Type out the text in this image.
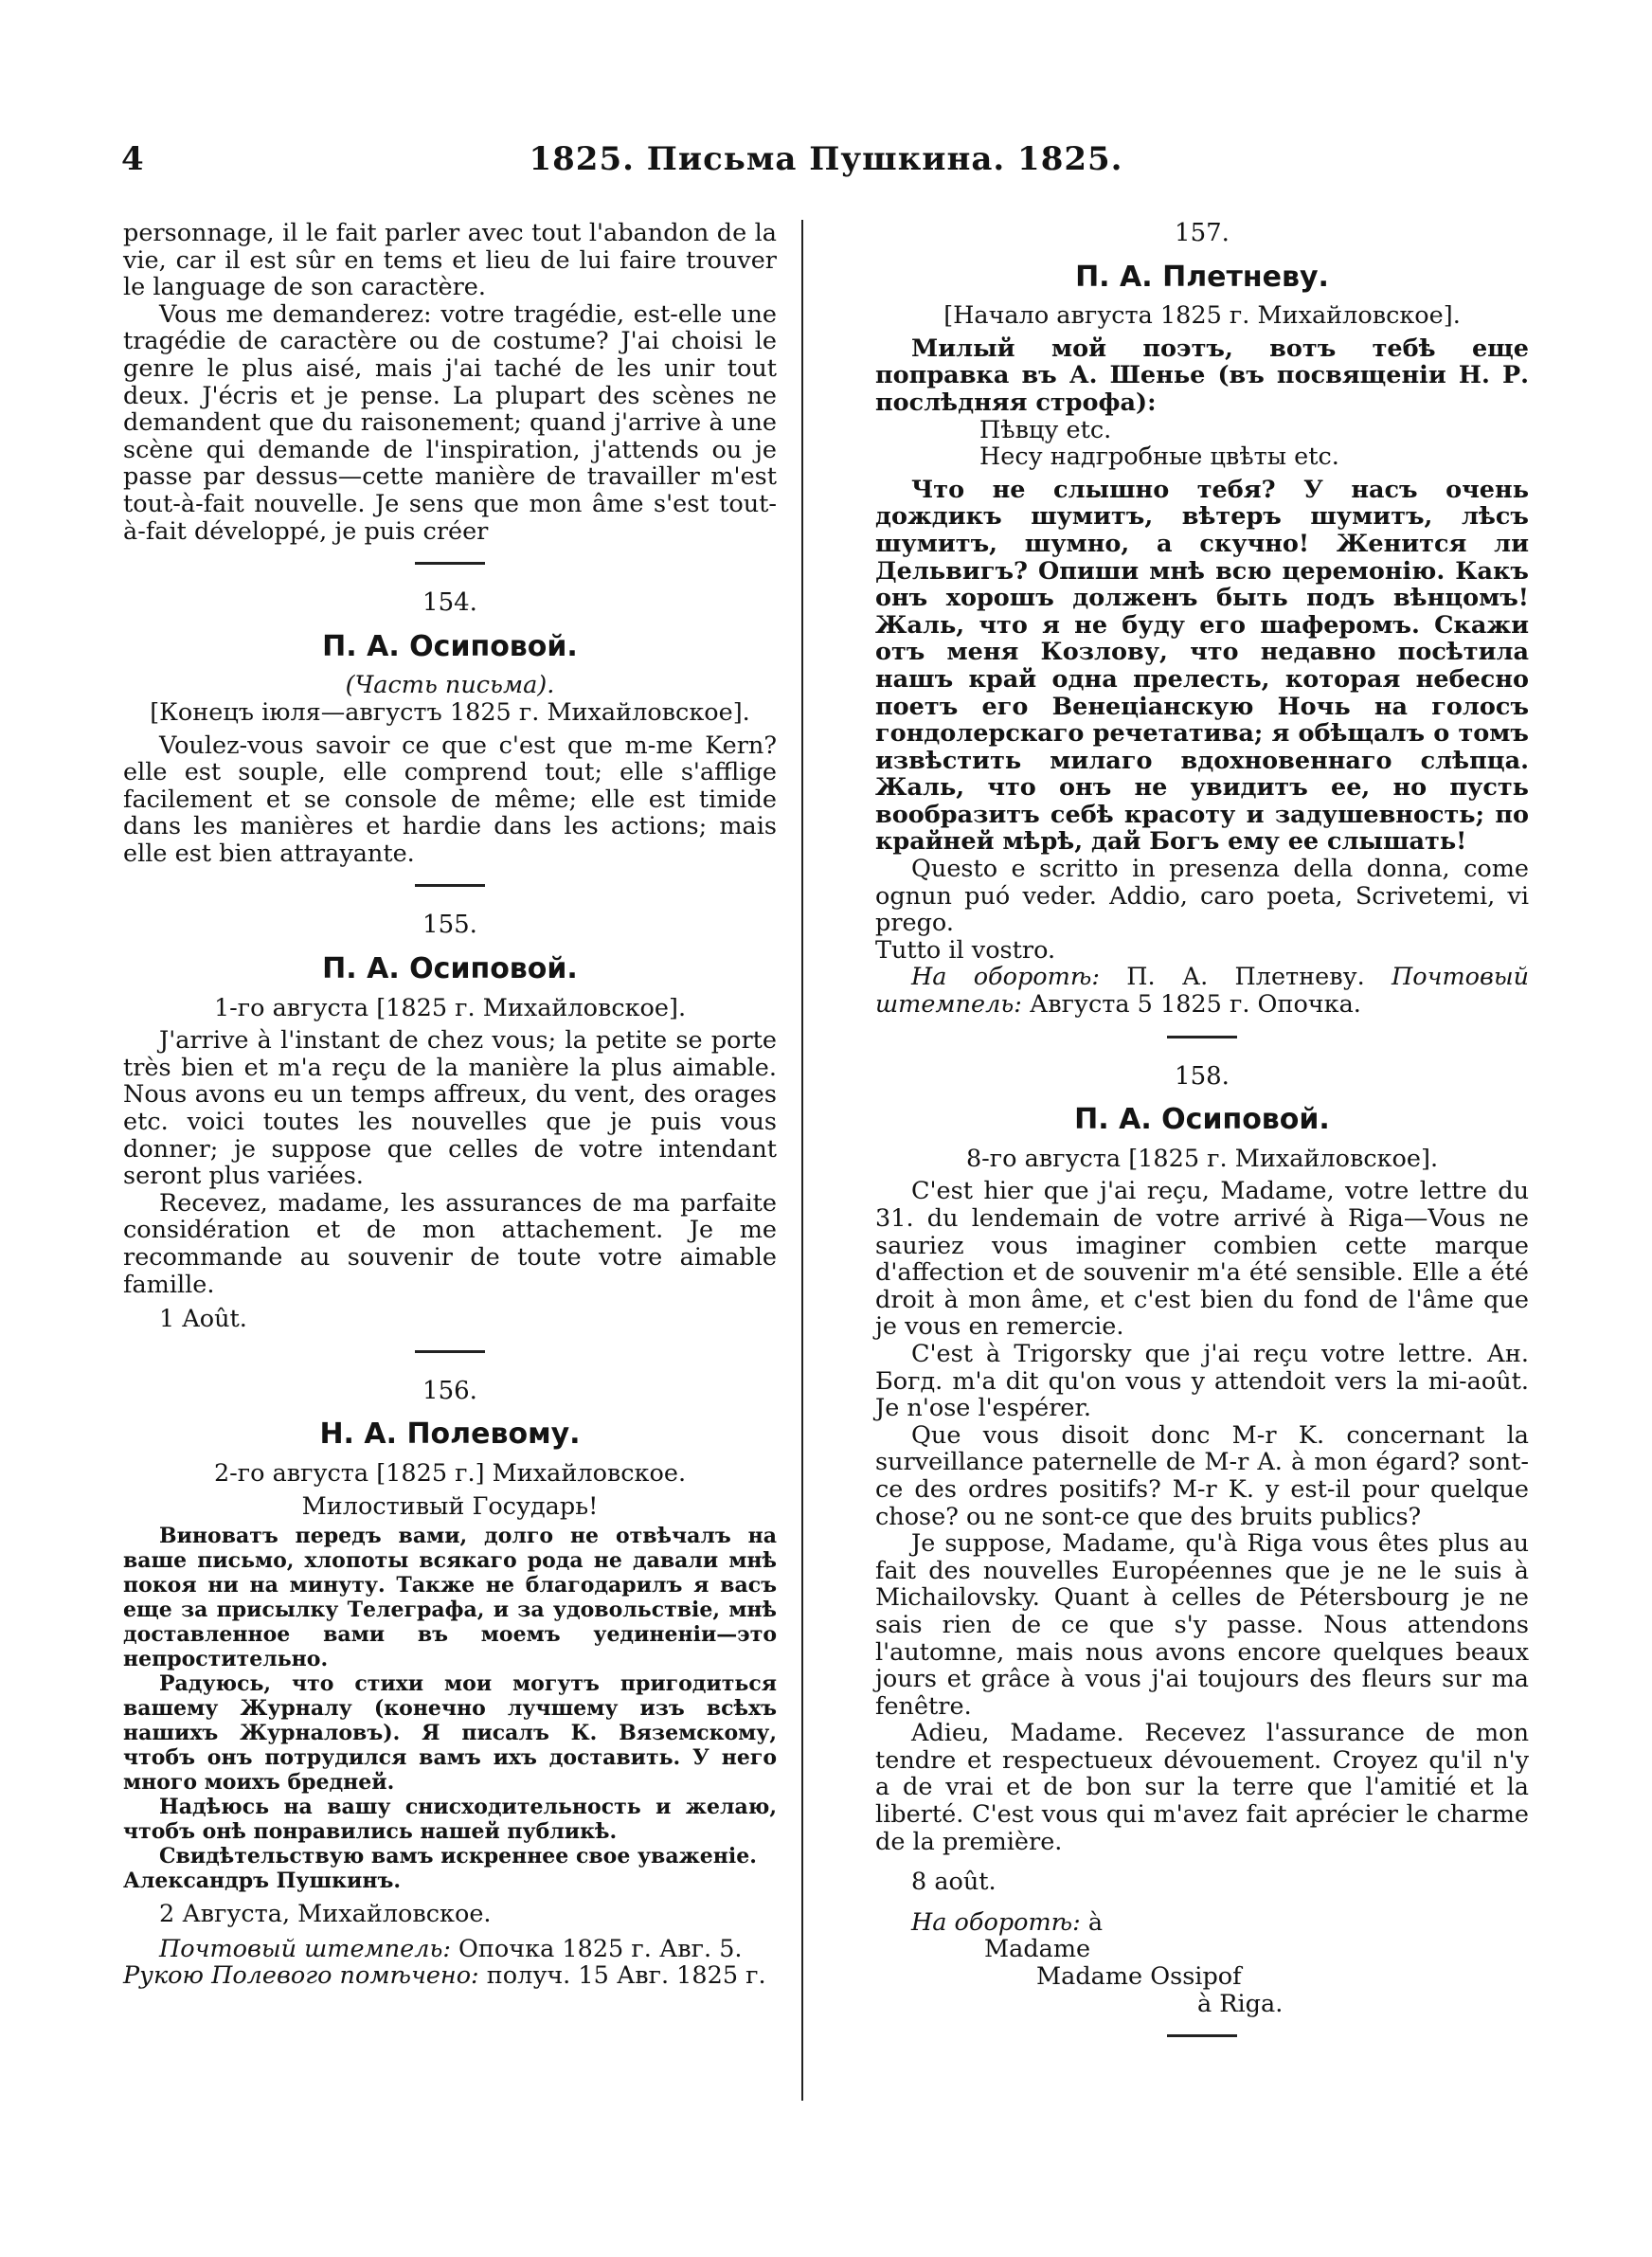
4	1825. Письма Пушкина. 1825.

personnage, il le fait parler avec tout l'abandon de la vie, car il est sûr en tems et lieu de lui faire trouver le language de son caractère.

Vous me demanderez: votre tragédie, est-elle une tragédie de caractère ou de costume? J'ai choisi le genre le plus aisé, mais j'ai taché de les unir tout deux. J'écris et je pense. La plupart des scènes ne demandent que du raisonement; quand j'arrive à une scène qui demande de l'inspiration, j'attends ou je passe par dessus—cette manière de travailler m'est tout-à-fait nouvelle. Je sens que mon âme s'est tout-à-fait développé, je puis créer

154.
П. А. Осиповой.
(Часть письма).
[Конецъ іюля—августъ 1825 г. Михайловское].

Voulez-vous savoir ce que c'est que m-me Kern? elle est souple, elle comprend tout; elle s'afflige facilement et se console de même; elle est timide dans les manières et hardie dans les actions; mais elle est bien attrayante.

155.
П. А. Осиповой.
1-го августа [1825 г. Михайловское].

J'arrive à l'instant de chez vous; la petite se porte très bien et m'a reçu de la manière la plus aimable. Nous avons eu un temps affreux, du vent, des orages etc. voici toutes les nouvelles que je puis vous donner; je suppose que celles de votre intendant seront plus variées.

Recevez, madame, les assurances de ma parfaite considération et de mon attachement. Je me recommande au souvenir de toute votre aimable famille.

1 Août.

156.
Н. А. Полевому.
2-го августа [1825 г.] Михайловское.
Милостивый Государь!

Виноватъ передъ вами, долго не отвѣчалъ на ваше письмо, хлопоты всякаго рода не давали мнѣ покоя ни на минуту. Также не благодарилъ я васъ еще за присылку Телеграфа, и за удовольствіе, мнѣ доставленное вами въ моемъ уединеніи—это непростительно.

Радуюсь, что стихи мои могутъ пригодиться вашему Журналу (конечно лучшему изъ всѣхъ нашихъ Журналовъ). Я писалъ К. Вяземскому, чтобъ онъ потрудился вамъ ихъ доставить. У него много моихъ бредней.

Надѣюсь на вашу снисходительность и желаю, чтобъ онѣ понравились нашей публикѣ.

Свидѣтельствую вамъ искреннее свое уваженіе.

Александръ Пушкинъ.

2 Августа, Михайловское.

Почтовый штемпель: Опочка 1825 г. Авг. 5.

Рукою Полевого помѣчено: получ. 15 Авг. 1825 г.

157.
П. А. Плетневу.
[Начало августа 1825 г. Михайловское].

Милый мой поэтъ, вотъ тебѣ еще поправка въ А. Шенье (въ посвященіи Н. Р. послѣдняя строфа):

Пѣвцу etc.

Несу надгробные цвѣты etc.

Что не слышно тебя? У насъ очень дождикъ шумитъ, вѣтеръ шумитъ, лѣсъ шумитъ, шумно, а скучно! Женится ли Дельвигъ? Опиши мнѣ всю церемонію. Какъ онъ хорошъ долженъ быть подъ вѣнцомъ! Жаль, что я не буду его шаферомъ. Скажи отъ меня Козлову, что недавно посѣтила нашъ край одна прелесть, которая небесно поетъ его Венеціанскую Ночь на голосъ гондолерскаго речетатива; я обѣщалъ о томъ извѣстить милаго вдохновеннаго слѣпца. Жаль, что онъ не увидитъ ее, но пусть вообразитъ себѣ красоту и задушевность; по крайней мѣрѣ, дай Богъ ему ее слышать!

Questo e scritto in presenza della donna, come ognun puó veder. Addio, caro poeta, Scrivetemi, vi prego.

Tutto il vostro.

На оборотѣ: П. А. Плетневу. Почтовый штемпель: Августа 5 1825 г. Опочка.

158.
П. А. Осиповой.
8-го августа [1825 г. Михайловское].

C'est hier que j'ai reçu, Madame, votre lettre du 31. du lendemain de votre arrivé à Riga—Vous ne sauriez vous imaginer combien cette marque d'affection et de souvenir m'a été sensible. Elle a été droit à mon âme, et c'est bien du fond de l'âme que je vous en remercie.

C'est à Trigorsky que j'ai reçu votre lettre. Ан. Богд. m'a dit qu'on vous y attendoit vers la mi-août. Je n'ose l'espérer.

Que vous disoit donc M-r K. concernant la surveillance paternelle de M-r A. à mon égard? sont-ce des ordres positifs? M-r K. y est-il pour quelque chose? ou ne sont-ce que des bruits publics?

Je suppose, Madame, qu'à Riga vous êtes plus au fait des nouvelles Européennes que je ne le suis à Michailovsky. Quant à celles de Pétersbourg je ne sais rien de ce que s'y passe. Nous attendons l'automne, mais nous avons encore quelques beaux jours et grâce à vous j'ai toujours des fleurs sur ma fenêtre.

Adieu, Madame. Recevez l'assurance de mon tendre et respectueux dévouement. Croyez qu'il n'y a de vrai et de bon sur la terre que l'amitié et la liberté. C'est vous qui m'avez fait aprécier le charme de la première.

8 août.

На оборотѣ: à

Madame

Madame Ossipof

à Riga.
